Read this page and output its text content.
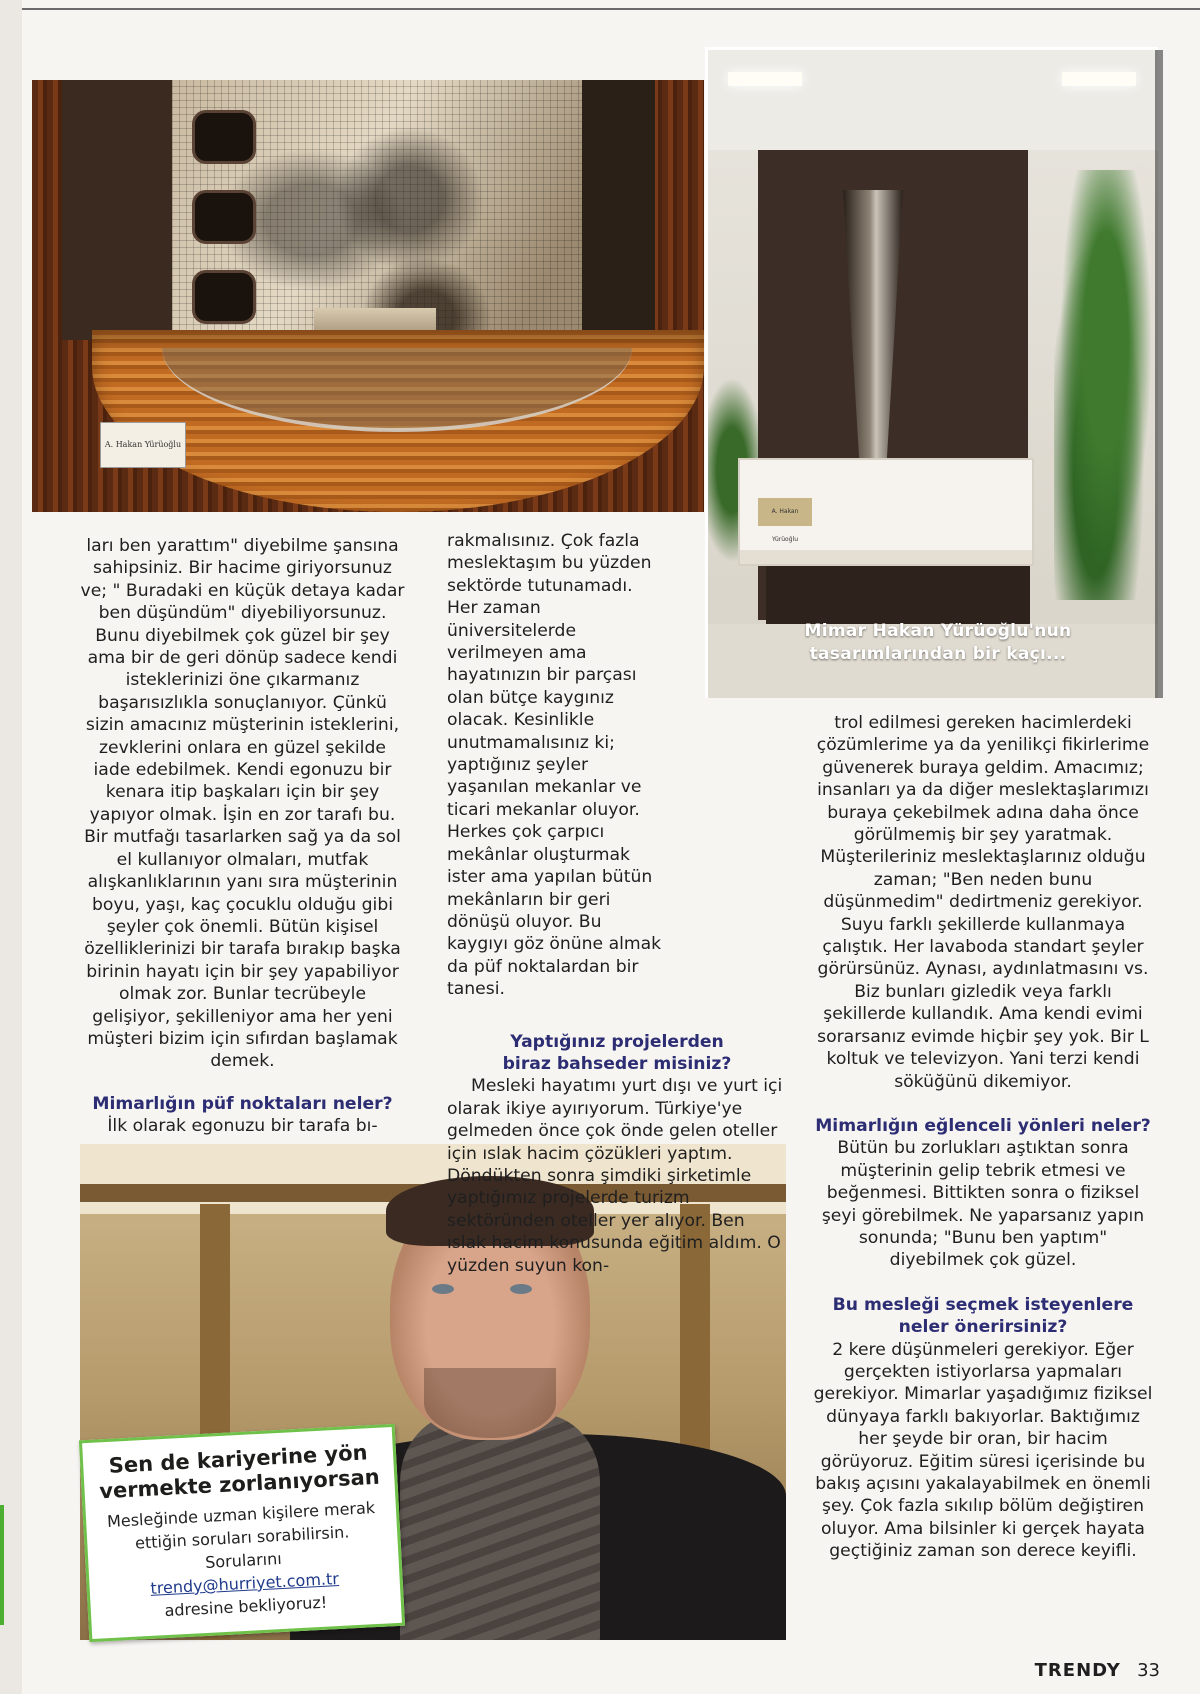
A. Hakan Yürüoğlu
A. Hakan Yürüoğlu
Mimar Hakan Yürüoğlu'nun tasarımlarından bir kaçı...
Sen de kariyerine yön vermekte zorlanıyorsan
Mesleğinde uzman kişilere merak ettiğin soruları sorabilirsin. Sorularını
trendy@hurriyet.com.tr
adresine bekliyoruz!

ları ben yarattım" diyebilme şansına sahipsiniz. Bir hacime giriyorsunuz ve; " Buradaki en küçük detaya kadar ben düşündüm" diyebiliyorsunuz. Bunu diyebilmek çok güzel bir şey ama bir de geri dönüp sadece kendi isteklerinizi öne çıkarmanız başarısızlıkla sonuçlanıyor. Çünkü sizin amacınız müşterinin isteklerini, zevklerini onlara en güzel şekilde iade edebilmek. Kendi egonuzu bir kenara itip başkaları için bir şey yapıyor olmak. İşin en zor tarafı bu. Bir mutfağı tasarlarken sağ ya da sol el kullanıyor olmaları, mutfak alışkanlıklarının yanı sıra müşterinin boyu, yaşı, kaç çocuklu olduğu gibi şeyler çok önemli. Bütün kişisel özelliklerinizi bir tarafa bırakıp başka birinin hayatı için bir şey yapabiliyor olmak zor. Bunlar tecrübeyle gelişiyor, şekilleniyor ama her yeni müşteri bizim için sıfırdan başlamak demek.

Mimarlığın püf noktaları neler?

İlk olarak egonuzu bir tarafa bı-

rakmalısınız. Çok fazla meslektaşım bu yüzden sektörde tutunamadı. Her zaman üniversitelerde verilmeyen ama hayatınızın bir parçası olan bütçe kaygınız olacak. Kesinlikle unutmamalısınız ki; yaptığınız şeyler yaşanılan mekanlar ve ticari mekanlar oluyor. Herkes çok çarpıcı mekânlar oluşturmak ister ama yapılan bütün mekânların bir geri dönüşü oluyor. Bu kaygıyı göz önüne almak da püf noktalardan bir tanesi.

Yaptığınız projelerden biraz bahseder misiniz?

Mesleki hayatımı yurt dışı ve yurt içi olarak ikiye ayırıyorum. Türkiye'ye gelmeden önce çok önde gelen oteller için ıslak hacim çözükleri yaptım. Döndükten sonra şimdiki şirketimle yaptığımız projelerde turizm sektöründen oteller yer alıyor. Ben ıslak hacim konusunda eğitim aldım. O yüzden suyun kon-

trol edilmesi gereken hacimlerdeki çözümlerime ya da yenilikçi fikirlerime güvenerek buraya geldim. Amacımız; insanları ya da diğer meslektaşlarımızı buraya çekebilmek adına daha önce görülmemiş bir şey yaratmak. Müşterileriniz meslektaşlarınız olduğu zaman; "Ben neden bunu düşünmedim" dedirtmeniz gerekiyor. Suyu farklı şekillerde kullanmaya çalıştık. Her lavaboda standart şeyler görürsünüz. Aynası, aydınlatmasını vs. Biz bunları gizledik veya farklı şekillerde kullandık. Ama kendi evimi sorarsanız evimde hiçbir şey yok. Bir L koltuk ve televizyon. Yani terzi kendi söküğünü dikemiyor.

Mimarlığın eğlenceli yönleri neler?

Bütün bu zorlukları aştıktan sonra müşterinin gelip tebrik etmesi ve beğenmesi. Bittikten sonra o fiziksel şeyi görebilmek. Ne yaparsanız yapın sonunda; "Bunu ben yaptım" diyebilmek çok güzel.

Bu mesleği seçmek isteyenlere neler önerirsiniz?

2 kere düşünmeleri gerekiyor. Eğer gerçekten istiyorlarsa yapmaları gerekiyor. Mimarlar yaşadığımız fiziksel dünyaya farklı bakıyorlar. Baktığımız her şeyde bir oran, bir hacim görüyoruz. Eğitim süresi içerisinde bu bakış açısını yakalayabilmek en önemli şey. Çok fazla sıkılıp bölüm değiştiren oluyor. Ama bilsinler ki gerçek hayata geçtiğiniz zaman son derece keyifli.

TRENDY 33
